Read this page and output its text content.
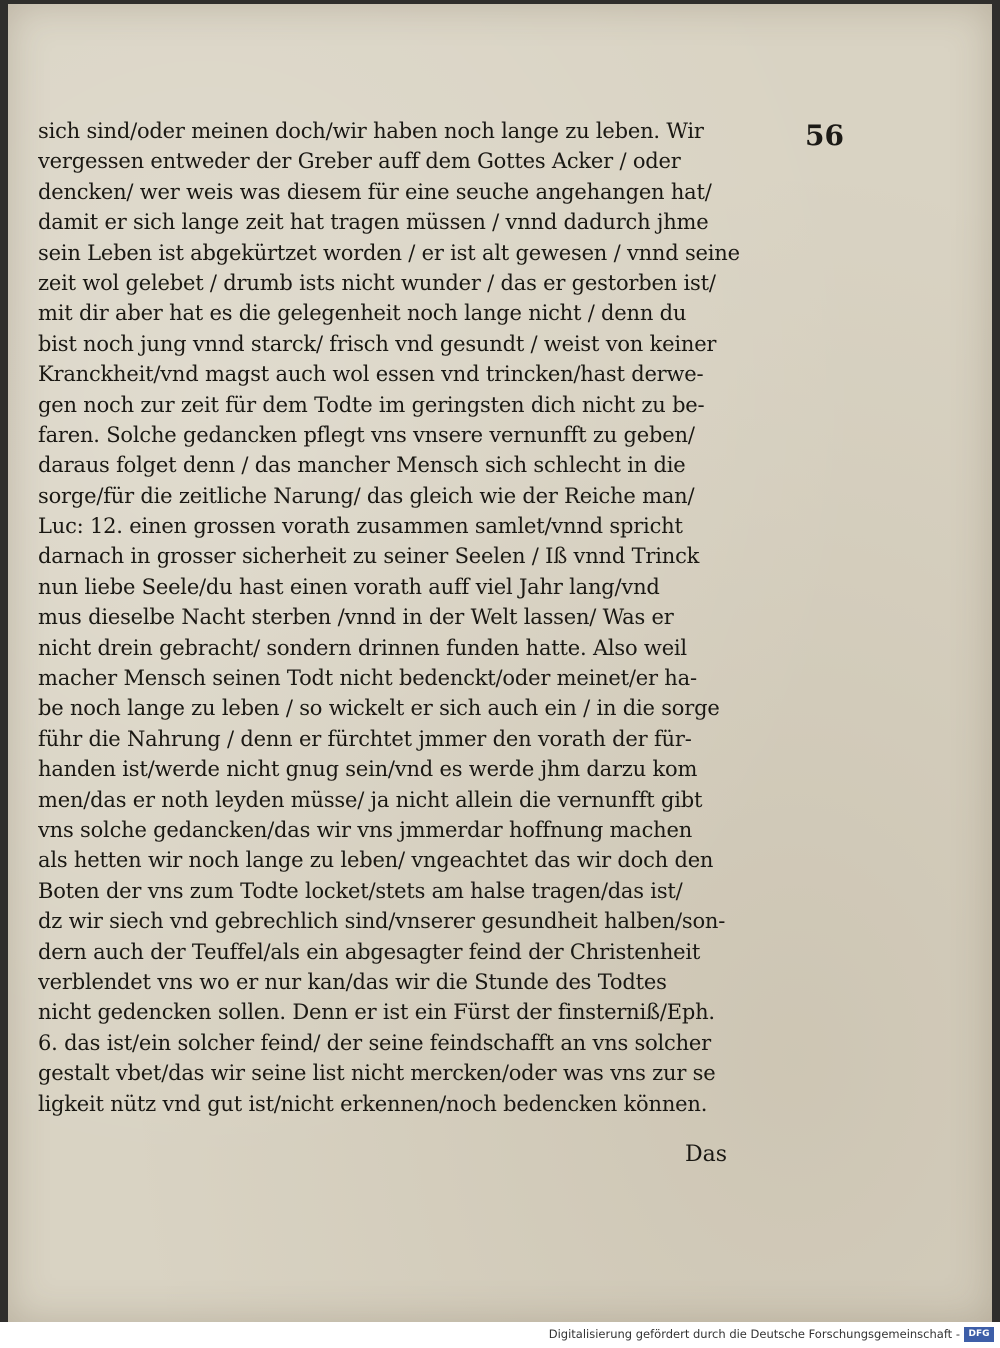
56
sich sind/oder meinen doch/wir haben noch lange zu leben. Wir
vergessen entweder der Greber auff dem Gottes Acker / oder
dencken/ wer weis was diesem für eine seuche angehangen hat/
damit er sich lange zeit hat tragen müssen / vnnd dadurch jhme
sein Leben ist abgekürtzet worden / er ist alt gewesen / vnnd seine
zeit wol gelebet / drumb ists nicht wunder / das er gestorben ist/
mit dir aber hat es die gelegenheit noch lange nicht / denn du
bist noch jung vnnd starck/ frisch vnd gesundt / weist von keiner
Kranckheit/vnd magst auch wol essen vnd trincken/hast derwe-
gen noch zur zeit für dem Todte im geringsten dich nicht zu be-
faren. Solche gedancken pflegt vns vnsere vernunfft zu geben/
daraus folget denn / das mancher Mensch sich schlecht in die
sorge/für die zeitliche Narung/ das gleich wie der Reiche man/
Luc: 12. einen grossen vorath zusammen samlet/vnnd spricht
darnach in grosser sicherheit zu seiner Seelen / Iß vnnd Trinck
nun liebe Seele/du hast einen vorath auff viel Jahr lang/vnd
mus dieselbe Nacht sterben /vnnd in der Welt lassen/ Was er
nicht drein gebracht/ sondern drinnen funden hatte. Also weil
macher Mensch seinen Todt nicht bedenckt/oder meinet/er ha-
be noch lange zu leben / so wickelt er sich auch ein / in die sorge
führ die Nahrung / denn er fürchtet jmmer den vorath der für-
handen ist/werde nicht gnug sein/vnd es werde jhm darzu kom
men/das er noth leyden müsse/ ja nicht allein die vernunfft gibt
vns solche gedancken/das wir vns jmmerdar hoffnung machen
als hetten wir noch lange zu leben/ vngeachtet das wir doch den
Boten der vns zum Todte locket/stets am halse tragen/das ist/
dz wir siech vnd gebrechlich sind/vnserer gesundheit halben/son-
dern auch der Teuffel/als ein abgesagter feind der Christenheit
verblendet vns wo er nur kan/das wir die Stunde des Todtes
nicht gedencken sollen. Denn er ist ein Fürst der finsterniß/Eph.
6. das ist/ein solcher feind/ der seine feindschafft an vns solcher
gestalt vbet/das wir seine list nicht mercken/oder was vns zur se
ligkeit nütz vnd gut ist/nicht erkennen/noch bedencken können.
Das
Digitalisierung gefördert durch die Deutsche Forschungsgemeinschaft - DFG
